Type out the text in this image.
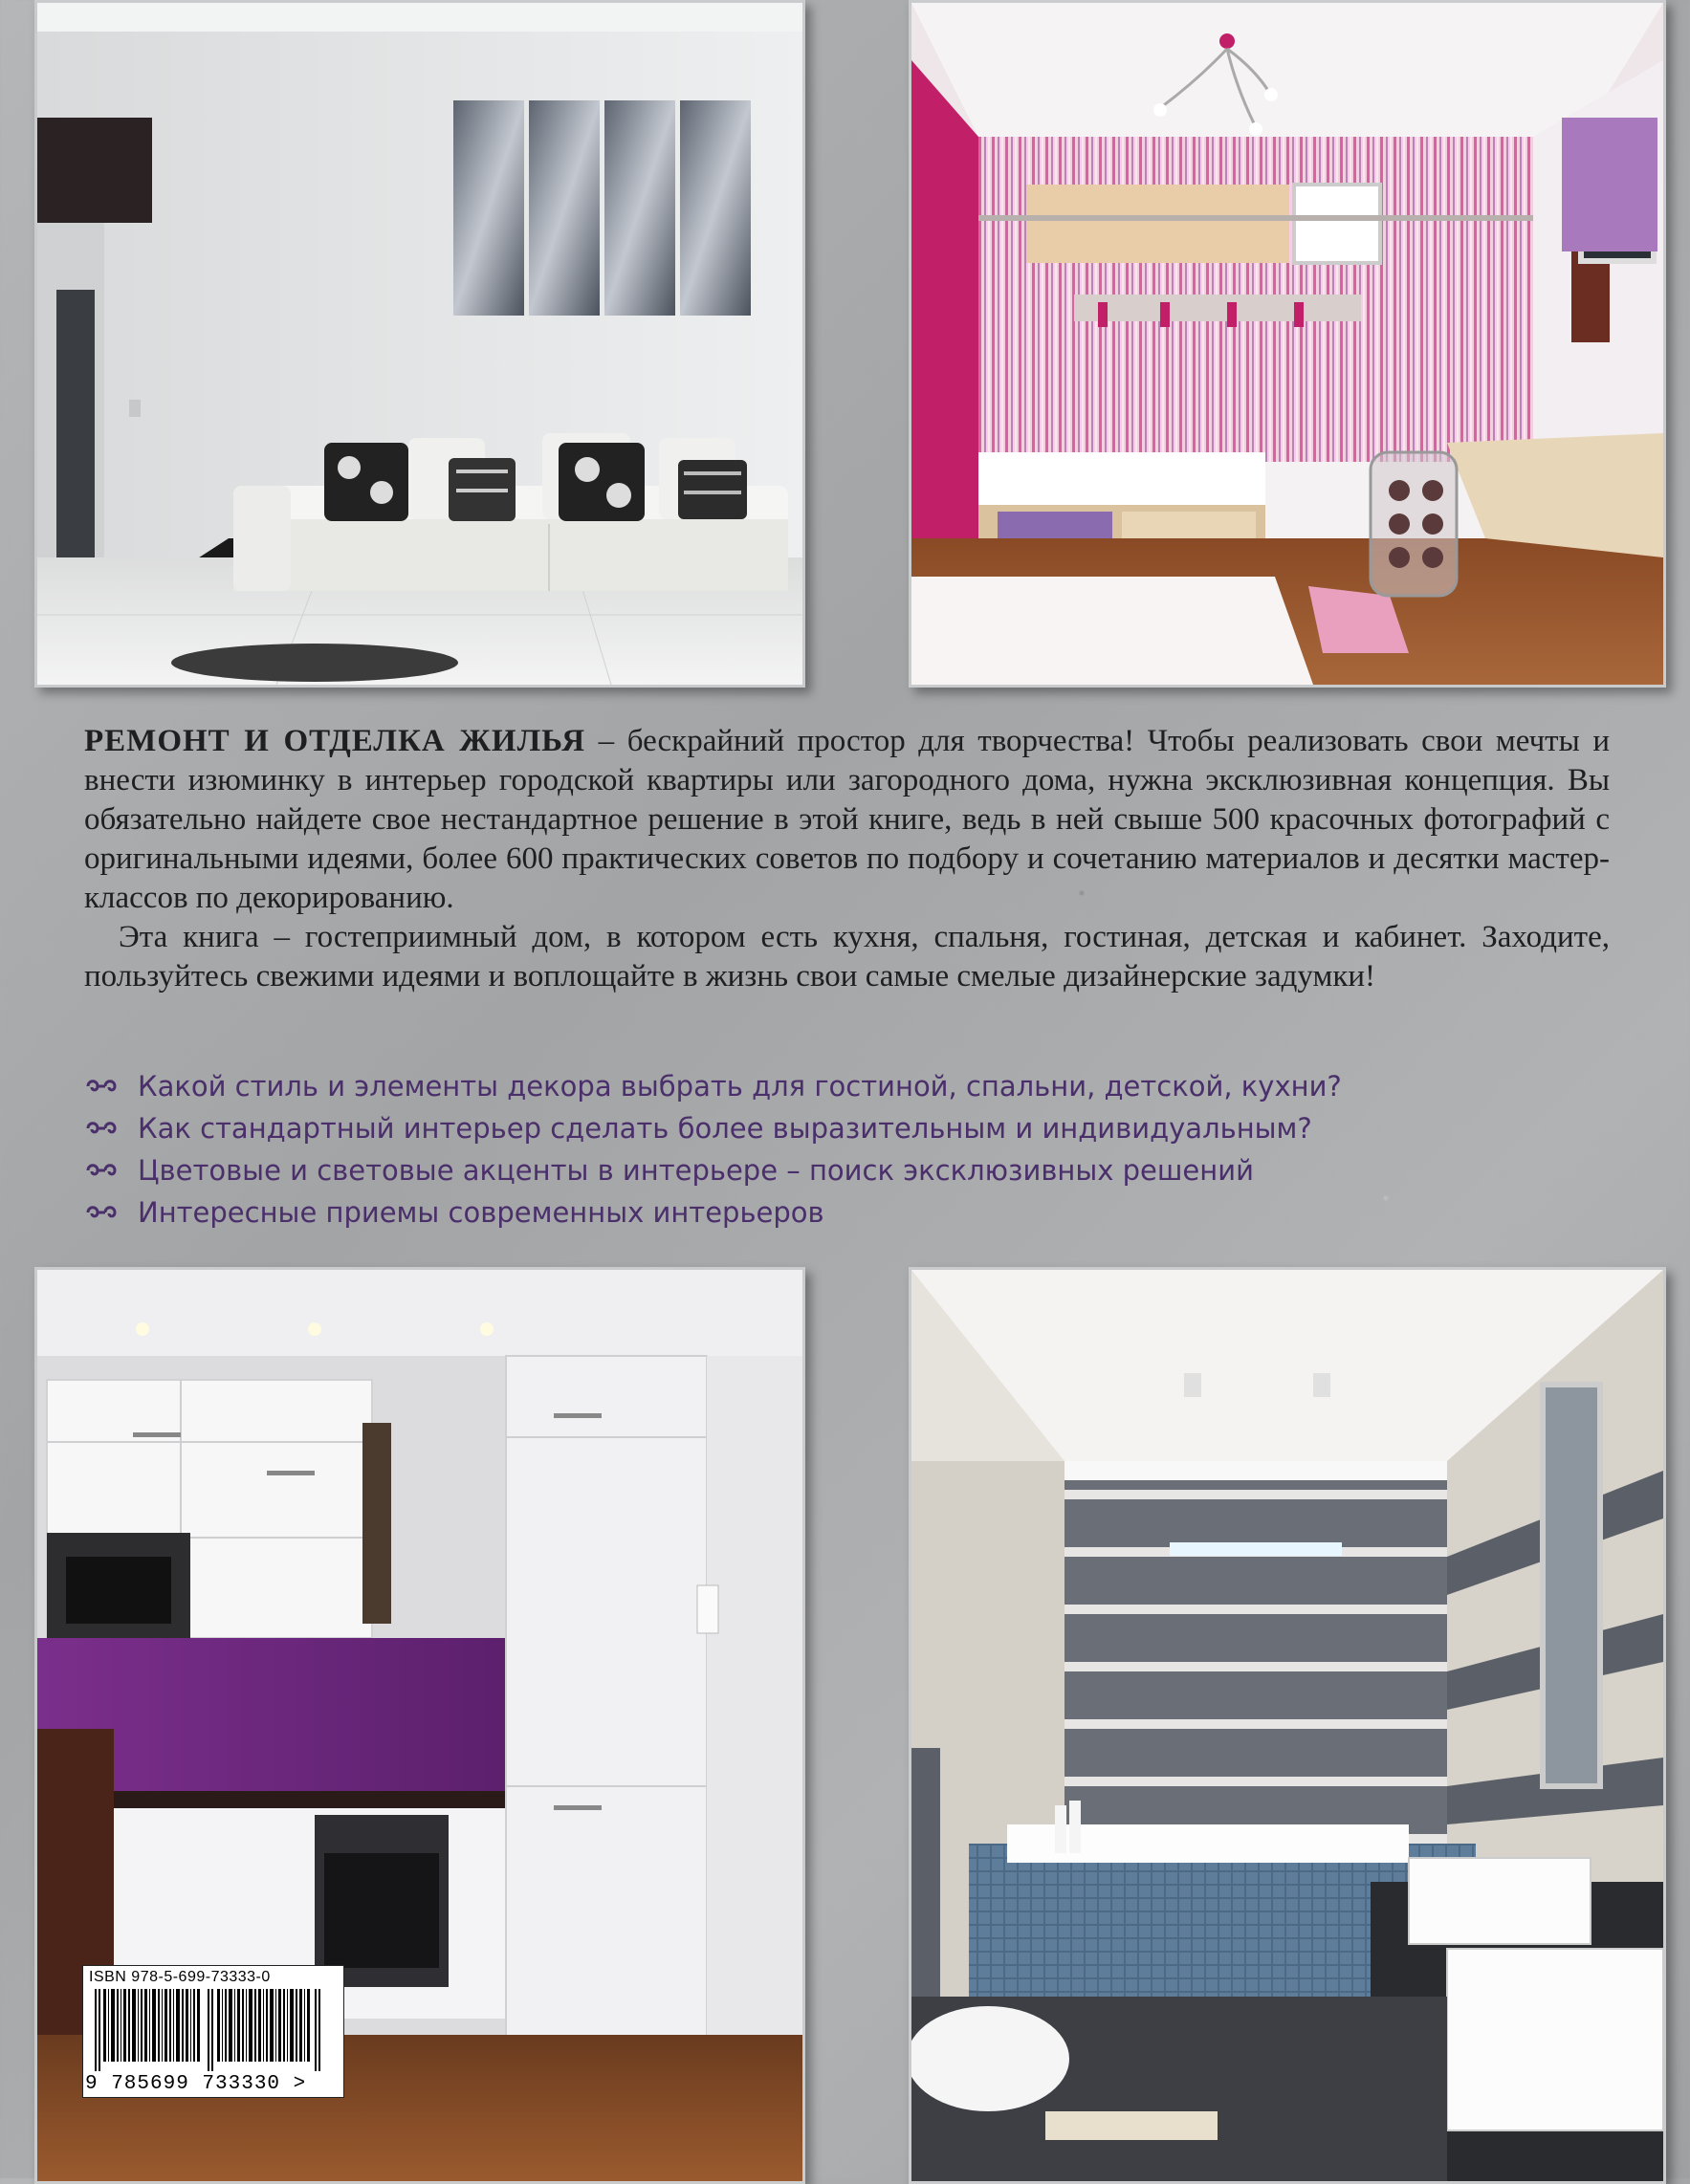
РЕМОНТ И ОТДЕЛКА ЖИЛЬЯ – бескрайний простор для творчества! Чтобы реализовать свои мечты и внести изюминку в интерьер городской квартиры или загородного дома, нужна эксклюзивная концепция. Вы обязательно найдете свое нестандартное решение в этой книге, ведь в ней свыше 500 красочных фотографий с оригинальными идеями, более 600 практических советов по подбору и сочетанию материалов и десятки мастер-классов по декорированию.

Эта книга – гостеприимный дом, в котором есть кухня, спальня, гостиная, детская и кабинет. Заходите, пользуйтесь свежими идеями и воплощайте в жизнь свои самые смелые дизайнерские задумки!

Какой стиль и элементы декора выбрать для гостиной, спальни, детской, кухни?
Как стандартный интерьер сделать более выразительным и индивидуальным?
Цветовые и световые акценты в интерьере – поиск эксклюзивных решений
Интересные приемы современных интерьеров
ISBN 978-5-699-73333-0
9 785699 733330 >
